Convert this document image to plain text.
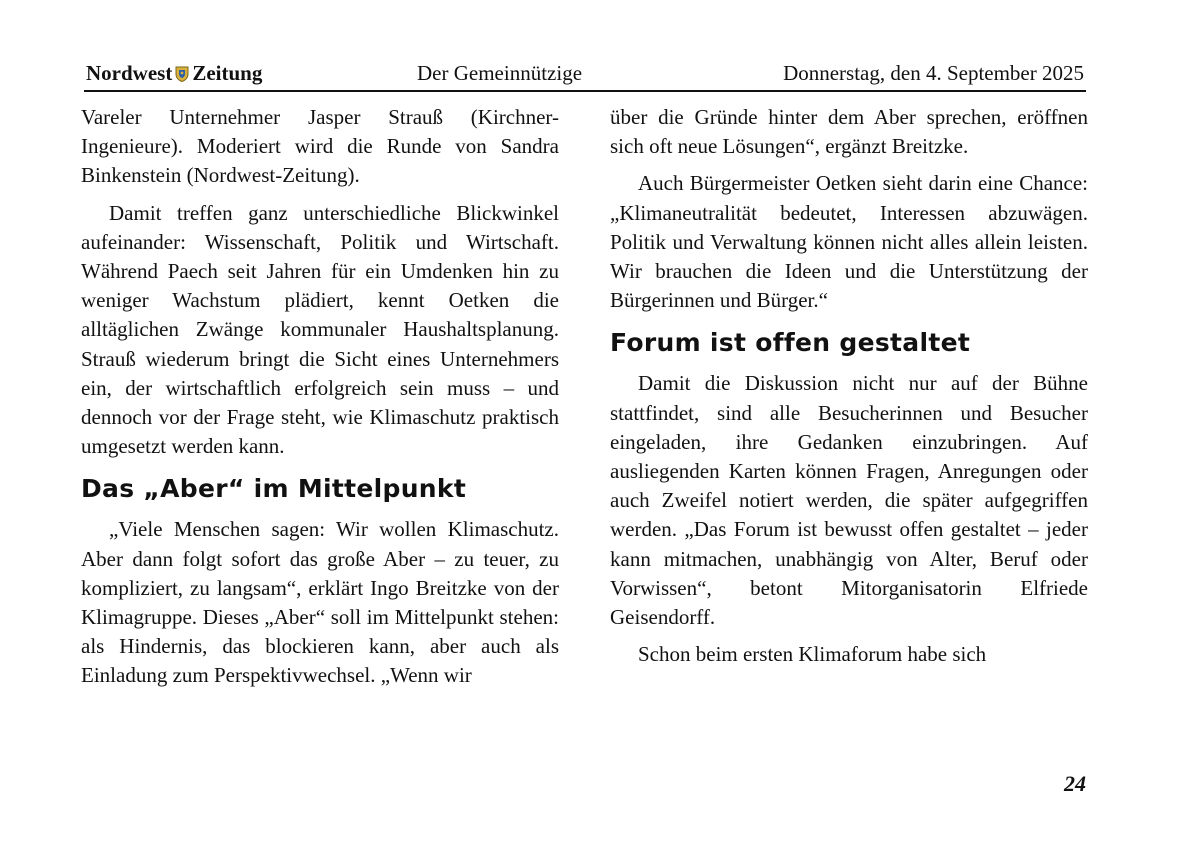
Nordwest Zeitung	Der Gemeinnützige	Donnerstag, den 4. September 2025

Vareler Unternehmer Jasper Strauß (Kirchner-Ingenieure). Moderiert wird die Runde von Sandra Binkenstein (Nordwest-Zeitung).

Damit treffen ganz unterschiedliche Blickwinkel aufeinander: Wissenschaft, Politik und Wirtschaft. Während Paech seit Jahren für ein Umdenken hin zu weniger Wachstum plädiert, kennt Oetken die alltäglichen Zwänge kommunaler Haushaltsplanung. Strauß wiederum bringt die Sicht eines Unternehmers ein, der wirtschaftlich erfolgreich sein muss – und dennoch vor der Frage steht, wie Klimaschutz praktisch umgesetzt werden kann.

Das „Aber“ im Mittelpunkt

„Viele Menschen sagen: Wir wollen Klimaschutz. Aber dann folgt sofort das große Aber – zu teuer, zu kompliziert, zu langsam“, erklärt Ingo Breitzke von der Klimagruppe. Dieses „Aber“ soll im Mittelpunkt stehen: als Hindernis, das blockieren kann, aber auch als Einladung zum Perspektivwechsel. „Wenn wir

über die Gründe hinter dem Aber sprechen, eröffnen sich oft neue Lösungen“, ergänzt Breitzke.

Auch Bürgermeister Oetken sieht darin eine Chance: „Klimaneutralität bedeutet, Interessen abzuwägen. Politik und Verwaltung können nicht alles allein leisten. Wir brauchen die Ideen und die Unterstützung der Bürgerinnen und Bürger.“

Forum ist offen gestaltet

Damit die Diskussion nicht nur auf der Bühne stattfindet, sind alle Besucherinnen und Besucher eingeladen, ihre Gedanken einzubringen. Auf ausliegenden Karten können Fragen, Anregungen oder auch Zweifel notiert werden, die später aufgegriffen werden. „Das Forum ist bewusst offen gestaltet – jeder kann mitmachen, unabhängig von Alter, Beruf oder Vorwissen“, betont Mitorganisatorin Elfriede Geisendorff.

Schon beim ersten Klimaforum habe sich

24
